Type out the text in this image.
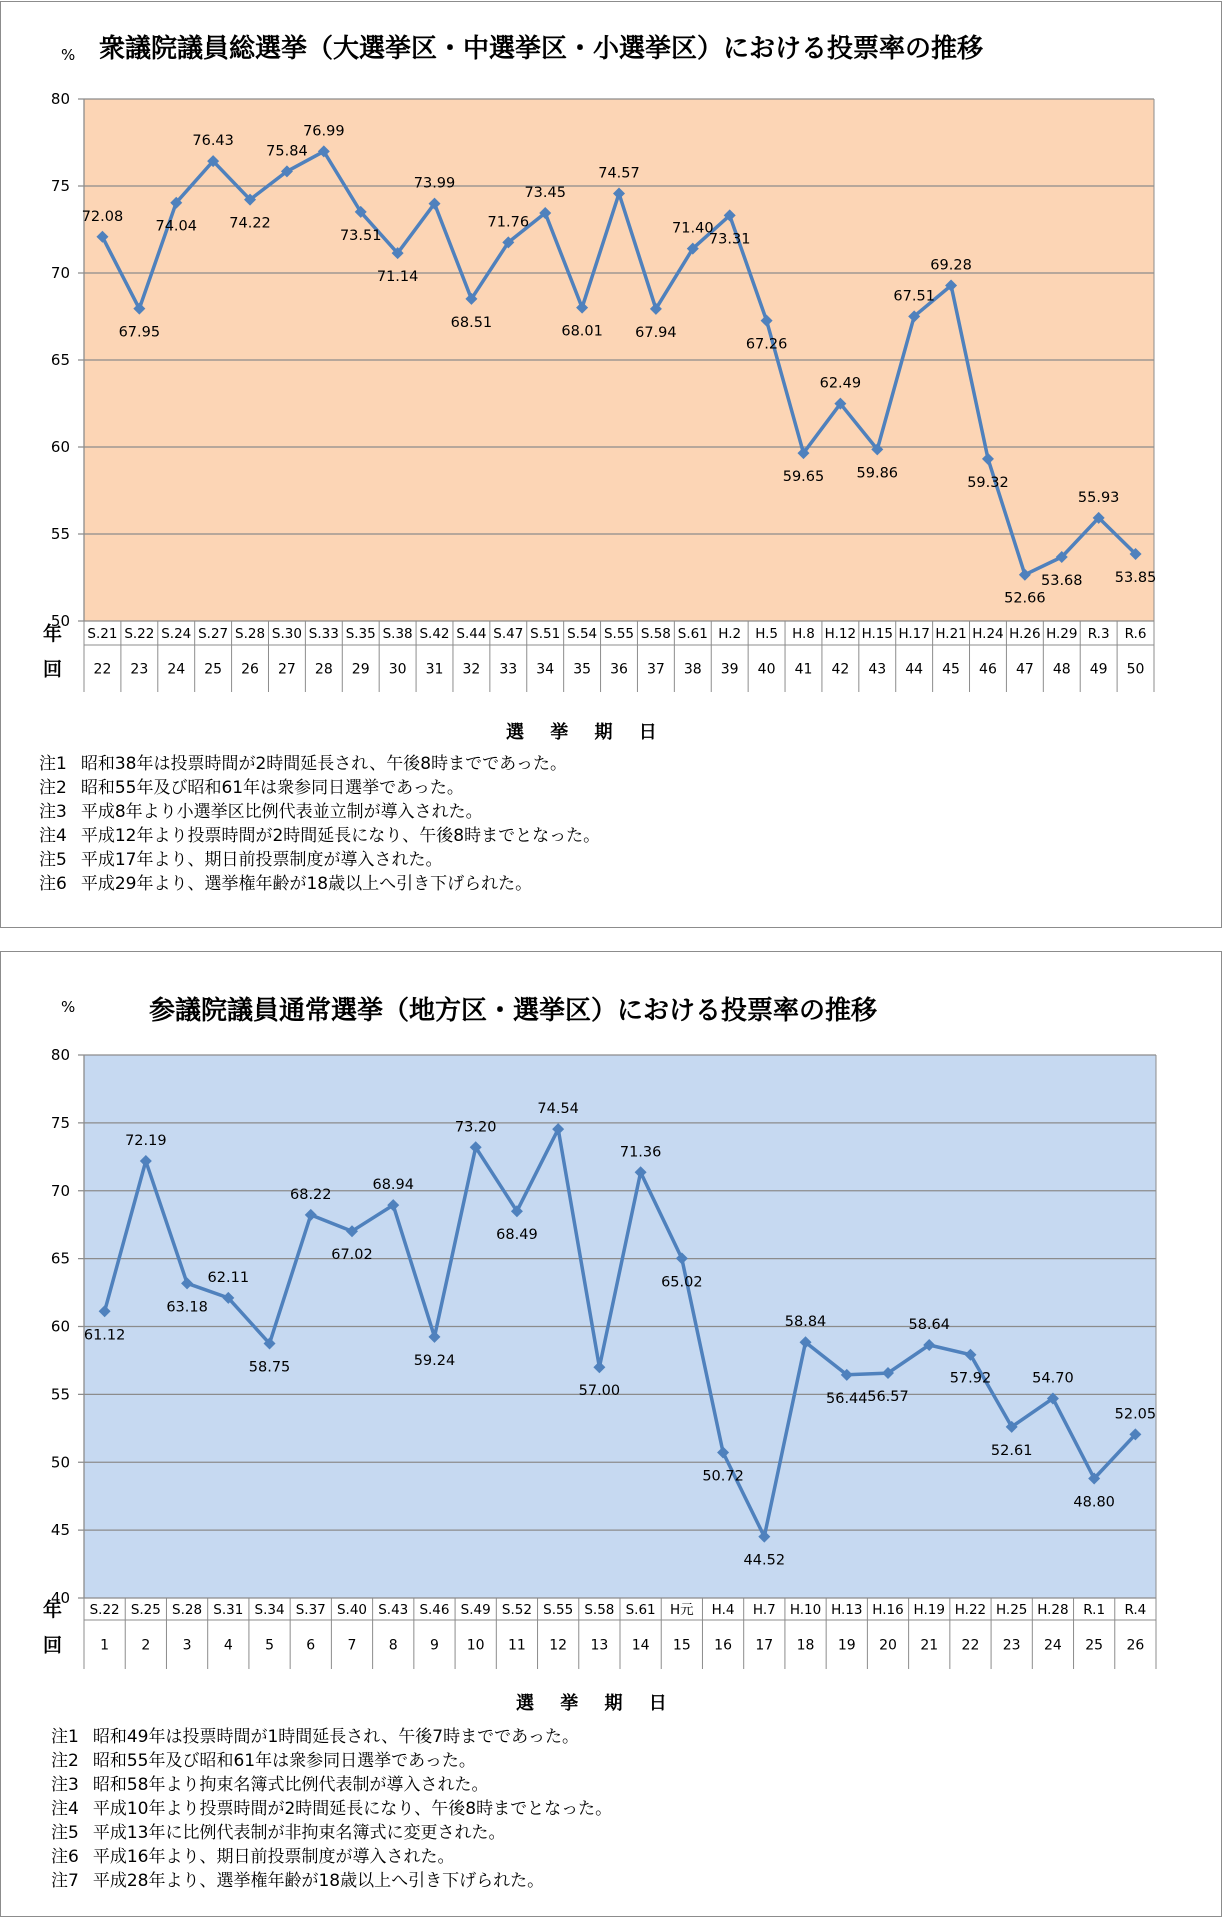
50
55
60
65
70
75
80
年
回
S.21
22
S.22
23
S.24
24
S.27
25
S.28
26
S.30
27
S.33
28
S.35
29
S.38
30
S.42
31
S.44
32
S.47
33
S.51
34
S.54
35
S.55
36
S.58
37
S.61
38
H.2
39
H.5
40
H.8
41
H.12
42
H.15
43
H.17
44
H.21
45
H.24
46
H.26
47
H.29
48
R.3
49
R.6
50
72.08
67.95
74.04
76.43
74.22
75.84
76.99
73.51
71.14
73.99
68.51
71.76
73.45
68.01
74.57
67.94
71.40
73.31
67.26
59.65
62.49
59.86
67.51
69.28
59.32
52.66
53.68
55.93
53.85
% 衆議院議員総選挙（大選挙区・中選挙区・小選挙区）における投票率の推移
選 挙 期 日
注1 昭和38年は投票時間が2時間延長され、午後8時までであった。
注2 昭和55年及び昭和61年は衆参同日選挙であった。
注3 平成8年より小選挙区比例代表並立制が導入された。
注4 平成12年より投票時間が2時間延長になり、午後8時までとなった。
注5 平成17年より、期日前投票制度が導入された。
注6 平成29年より、選挙権年齢が18歳以上へ引き下げられた。
40
45
50
55
60
65
70
75
80
年
回
S.22
1
S.25
2
S.28
3
S.31
4
S.34
5
S.37
6
S.40
7
S.43
8
S.46
9
S.49
10
S.52
11
S.55
12
S.58
13
S.61
14
H元
15
H.4
16
H.7
17
H.10
18
H.13
19
H.16
20
H.19
21
H.22
22
H.25
23
H.28
24
R.1
25
R.4
26
61.12
72.19
63.18
62.11
58.75
68.22
67.02
68.94
59.24
73.20
68.49
74.54
57.00
71.36
65.02
50.72
44.52
58.84
56.44 56.57
58.64
57.92
52.61
54.70
48.80
52.05
%	参議院議員通常選挙（地方区・選挙区）における投票率の推移
選 挙 期 日
注1 昭和49年は投票時間が1時間延長され、午後7時までであった。
注2 昭和55年及び昭和61年は衆参同日選挙であった。
注3 昭和58年より拘束名簿式比例代表制が導入された。
注4 平成10年より投票時間が2時間延長になり、午後8時までとなった。
注5 平成13年に比例代表制が非拘束名簿式に変更された。
注6 平成16年より、期日前投票制度が導入された。
注7 平成28年より、選挙権年齢が18歳以上へ引き下げられた。
